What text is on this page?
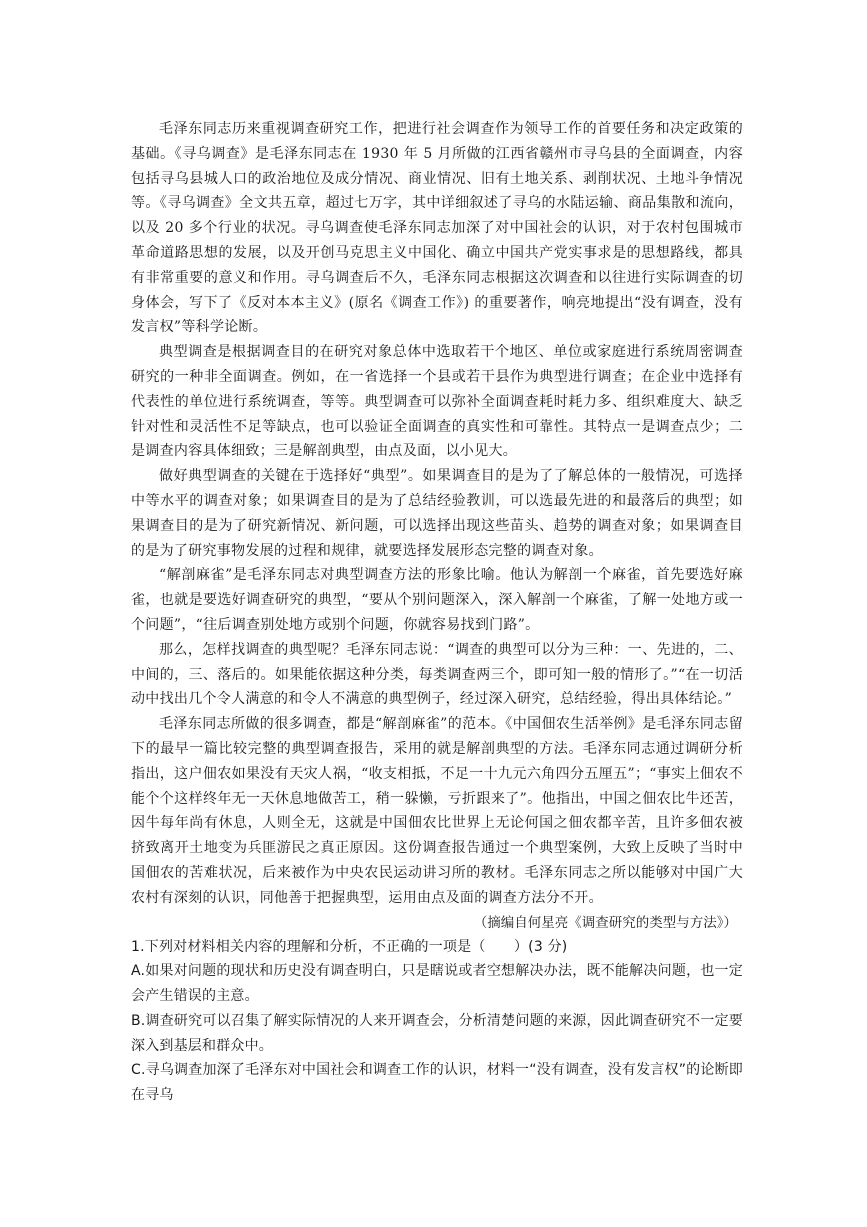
毛泽东同志历来重视调查研究工作，把进行社会调查作为领导工作的首要任务和决定政策的基础。《寻乌调查》是毛泽东同志在 1930 年 5 月所做的江西省赣州市寻乌县的全面调查，内容包括寻乌县城人口的政治地位及成分情况、商业情况、旧有土地关系、剥削状况、土地斗争情况等。《寻乌调查》全文共五章，超过七万字，其中详细叙述了寻乌的水陆运输、商品集散和流向，以及 20 多个行业的状况。寻乌调查使毛泽东同志加深了对中国社会的认识，对于农村包围城市革命道路思想的发展，以及开创马克思主义中国化、确立中国共产党实事求是的思想路线，都具有非常重要的意义和作用。寻乌调查后不久，毛泽东同志根据这次调查和以往进行实际调查的切身体会，写下了《反对本本主义》(原名《调查工作》) 的重要著作，响亮地提出“没有调查，没有发言权”等科学论断。

典型调查是根据调查目的在研究对象总体中选取若干个地区、单位或家庭进行系统周密调查研究的一种非全面调查。例如，在一省选择一个县或若干县作为典型进行调查；在企业中选择有代表性的单位进行系统调查，等等。典型调查可以弥补全面调查耗时耗力多、组织难度大、缺乏针对性和灵活性不足等缺点，也可以验证全面调查的真实性和可靠性。其特点一是调查点少；二是调查内容具体细致；三是解剖典型，由点及面，以小见大。

做好典型调查的关键在于选择好“典型”。如果调查目的是为了了解总体的一般情况，可选择中等水平的调查对象；如果调查目的是为了总结经验教训，可以选最先进的和最落后的典型；如果调查目的是为了研究新情况、新问题，可以选择出现这些苗头、趋势的调查对象；如果调查目的是为了研究事物发展的过程和规律，就要选择发展形态完整的调查对象。

“解剖麻雀”是毛泽东同志对典型调查方法的形象比喻。他认为解剖一个麻雀，首先要选好麻雀，也就是要选好调查研究的典型，“要从个别问题深入，深入解剖一个麻雀，了解一处地方或一个问题”，“往后调查别处地方或别个问题，你就容易找到门路”。

那么，怎样找调查的典型呢？毛泽东同志说：“调查的典型可以分为三种：一、先进的，二、中间的，三、落后的。如果能依据这种分类，每类调查两三个，即可知一般的情形了。”“在一切活动中找出几个令人满意的和令人不满意的典型例子，经过深入研究，总结经验，得出具体结论。”

毛泽东同志所做的很多调查，都是“解剖麻雀”的范本。《中国佃农生活举例》是毛泽东同志留下的最早一篇比较完整的典型调查报告，采用的就是解剖典型的方法。毛泽东同志通过调研分析指出，这户佃农如果没有天灾人祸，“收支相抵，不足一十九元六角四分五厘五”；“事实上佃农不能个个这样终年无一天休息地做苦工，稍一躲懒，亏折跟来了”。他指出，中国之佃农比牛还苦，因牛每年尚有休息，人则全无，这就是中国佃农比世界上无论何国之佃农都辛苦，且许多佃农被挤致离开土地变为兵匪游民之真正原因。这份调查报告通过一个典型案例，大致上反映了当时中国佃农的苦难状况，后来被作为中央农民运动讲习所的教材。毛泽东同志之所以能够对中国广大农村有深刻的认识，同他善于把握典型，运用由点及面的调查方法分不开。

（摘编自何星亮《调查研究的类型与方法》）

1.下列对材料相关内容的理解和分析，不正确的一项是（　　）(3 分)

A.如果对问题的现状和历史没有调查明白，只是瞎说或者空想解决办法，既不能解决问题，也一定会产生错误的主意。

B.调查研究可以召集了解实际情况的人来开调查会，分析清楚问题的来源，因此调查研究不一定要深入到基层和群众中。

C.寻乌调查加深了毛泽东对中国社会和调查工作的认识，材料一“没有调查，没有发言权”的论断即在寻乌
